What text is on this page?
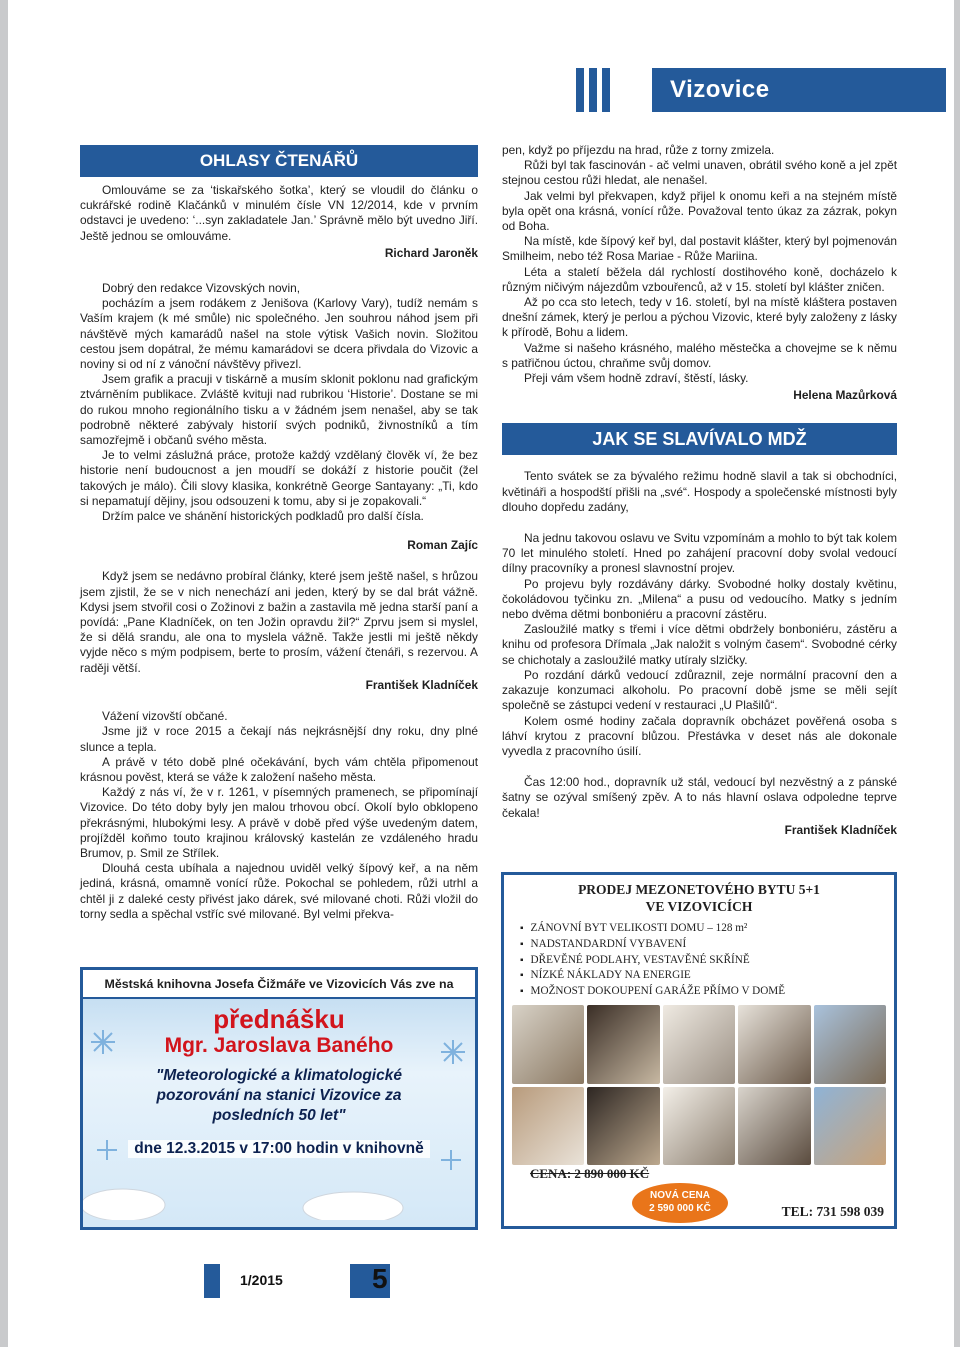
Vizovice
OHLASY ČTENÁŘŮ

Omlouváme se za ‘tiskařského šotka’, který se vloudil do článku o cukrářské rodině Klačánků v minulém čísle VN 12/2014, kde v prvním odstavci je uvedeno: ‘...syn zakladatele Jan.’ Správně mělo být uvedno Jiří. Ještě jednou se omlouváme.

Richard Jaroněk

Dobrý den redakce Vizovských novin,

pocházím a jsem rodákem z Jenišova (Karlovy Vary), tudíž nemám s Vaším krajem (k mé smůle) nic společného. Jen souhrou náhod jsem při návštěvě mých kamarádů našel na stole výtisk Vašich novin. Složitou cestou jsem dopátral, že mému kamarádovi se dcera přivdala do Vizovic a noviny si od ní z vánoční návštěvy přivezl.

Jsem grafik a pracuji v tiskárně a musím sklonit poklonu nad grafickým ztvárněním publikace. Zvláště kvituji nad rubrikou ‘Historie’. Dostane se mi do rukou mnoho regionálního tisku a v žádném jsem nenašel, aby se tak podrobně některé zabývaly historií svých podniků, živnostníků a tím samozřejmě i občanů svého města.

Je to velmi záslužná práce, protože každý vzdělaný člověk ví, že bez historie není budoucnost a jen moudří se dokáží z historie poučit (žel takových je málo). Čili slovy klasika, konkrétně George Santayany: „Ti, kdo si nepamatují dějiny, jsou odsouzeni k tomu, aby si je zopakovali.“

Držím palce ve shánění historických podkladů pro další čísla.

Roman Zajíc

Když jsem se nedávno probíral články, které jsem ještě našel, s hrůzou jsem zjistil, že se v nich nenechází ani jeden, který by se dal brát vážně. Kdysi jsem stvořil cosi o Zožinovi z bažin a zastavila mě jedna starší paní a povídá: „Pane Kladníček, on ten Jožin opravdu žil?“ Zprvu jsem si myslel, že si dělá srandu, ale ona to myslela vážně. Takže jestli mi ještě někdy vyjde něco s mým podpisem, berte to prosím, vážení čtenáři, s rezervou. A raději větší.

František Kladníček

Vážení vizovští občané.

Jsme již v roce 2015 a čekají nás nejkrásnější dny roku, dny plné slunce a tepla.

A právě v této době plné očekávání, bych vám chtěla připomenout krásnou pověst, která se váže k založení našeho města.

Každý z nás ví, že v r. 1261, v písemných pramenech, se připomínají Vizovice. Do této doby byly jen malou trhovou obcí. Okolí bylo obklopeno překrásnými, hlubokými lesy. A právě v době před výše uvedeným datem, projížděl koňmo touto krajinou královský kastelán ze vzdáleného hradu Brumov, p. Smil ze Střílek.

Dlouhá cesta ubíhala a najednou uviděl velký šípový keř, a na něm jediná, krásná, omamně vonící růže. Pokochal se pohledem, růži utrhl a chtěl ji z daleké cesty přivést jako dárek, své milované choti. Růži vložil do torny sedla a spěchal vstříc své milované. Byl velmi překva-

pen, když po příjezdu na hrad, růže z torny zmizela.

Růži byl tak fascinován - ač velmi unaven, obrátil svého koně a jel zpět stejnou cestou růži hledat, ale nenašel.

Jak velmi byl překvapen, když přijel k onomu keři a na stejném místě byla opět ona krásná, vonící růže. Považoval tento úkaz za zázrak, pokyn od Boha.

Na místě, kde šípový keř byl, dal postavit klášter, který byl pojmenován Smilheim, nebo též Rosa Mariae - Růže Mariina.

Léta a staletí běžela dál rychlostí dostihového koně, docházelo k různým ničivým nájezdům vzbouřenců, až v 15. století byl klášter zničen.

Až po cca sto letech, tedy v 16. století, byl na místě kláštera postaven dnešní zámek, který je perlou a pýchou Vizovic, které byly založeny z lásky k přírodě, Bohu a lidem.

Važme si našeho krásného, malého městečka a chovejme se k němu s patřičnou úctou, chraňme svůj domov.

Přeji vám všem hodně zdraví, štěstí, lásky.

Helena Mazůrková

JAK SE SLAVÍVALO MDŽ

Tento svátek se za bývalého režimu hodně slavil a tak si obchodníci, květináři a hospodští přišli na „své“. Hospody a společenské místnosti byly dlouho dopředu zadány,

Na jednu takovou oslavu ve Svitu vzpomínám a mohlo to být tak kolem 70 let minulého století. Hned po zahájení pracovní doby svolal vedoucí dílny pracovníky a pronesl slavnostní projev.

Po projevu byly rozdávány dárky. Svobodné holky dostaly květinu, čokoládovou tyčinku zn. „Milena“ a pusu od vedoucího. Matky s jedním nebo dvěma dětmi bonboniéru a pracovní zástěru.

Zasloužilé matky s třemi i více dětmi obdržely bonboniéru, zástěru a knihu od profesora Dřímala „Jak naložit s volným časem“. Svobodné cérky se chichotaly a zasloužilé matky utíraly slzičky.

Po rozdání dárků vedoucí zdůraznil, zeje normální pracovní den a zakazuje konzumaci alkoholu. Po pracovní době jsme se měli sejít společně se zástupci vedení v restauraci „U Plašilů“.

Kolem osmé hodiny začala dopravník obcházet pověřená osoba s láhví krytou z pracovní blůzou. Přestávka v deset nás ale dokonale vyvedla z pracovního úsilí.

Čas 12:00 hod., dopravník už stál, vedoucí byl nezvěstný a z pánské šatny se ozýval smíšený zpěv. A to nás hlavní oslava odpoledne teprve čekala!

František Kladníček

Městská knihovna Josefa Čižmáře ve Vizovicích Vás zve na
přednášku
Mgr. Jaroslava Baného
"Meteorologické a klimatologické
pozorování na stanici Vizovice za
posledních 50 let"
dne 12.3.2015 v 17:00 hodin v knihovně
PRODEJ MEZONETOVÉHO BYTU 5+1
VE VIZOVICÍCH
▪ ZÁNOVNÍ BYT VELIKOSTI DOMU – 128 m²
▪ NADSTANDARDNÍ VYBAVENÍ
▪ DŘEVĚNÉ PODLAHY, VESTAVĚNÉ SKŘÍNĚ
▪ NÍZKÉ NÁKLADY NA ENERGIE
▪ MOŽNOST DOKOUPENÍ GARÁŽE PŘÍMO V DOMĚ
CENA: 2 890 000 KČ
NOVÁ CENA
2 590 000 KČ	TEL: 731 598 039
1/2015	5
